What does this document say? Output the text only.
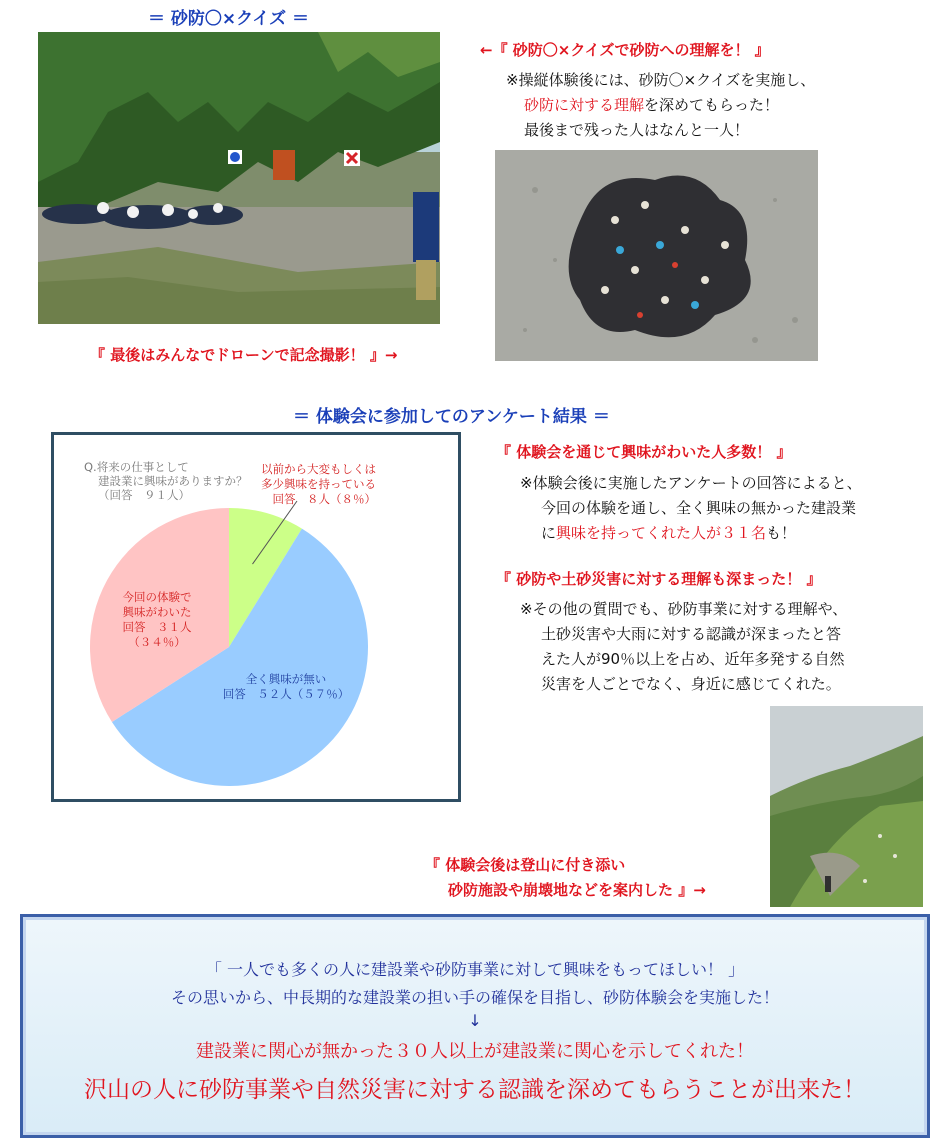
＝ 砂防〇×クイズ ＝
←『 砂防〇×クイズで砂防への理解を！ 』
※操縦体験後には、砂防〇×クイズを実施し、
砂防に対する理解を深めてもらった！
最後まで残った人はなんと一人！
『 最後はみんなでドローンで記念撮影！ 』→
＝ 体験会に参加してのアンケート結果 ＝
以前から大変もしくは
多少興味を持っている
回答　８人（８％）
全く興味が無い
回答　５２人（５７％）
今回の体験で
興味がわいた
回答　３１人
（３４％）
Q.将来の仕事として
建設業に興味がありますか？
（回答　９１人）
『 体験会を通じて興味がわいた人多数！ 』
※体験会後に実施したアンケートの回答によると、
今回の体験を通し、全く興味の無かった建設業
に興味を持ってくれた人が３１名も！
『 砂防や土砂災害に対する理解も深まった！ 』
※その他の質問でも、砂防事業に対する理解や、
土砂災害や大雨に対する認識が深まったと答
えた人が90％以上を占め、近年多発する自然
災害を人ごとでなく、身近に感じてくれた。
『 体験会後は登山に付き添い
砂防施設や崩壊地などを案内した 』→
「 一人でも多くの人に建設業や砂防事業に対して興味をもってほしい！ 」
その思いから、中長期的な建設業の担い手の確保を目指し、砂防体験会を実施した！
↓
建設業に関心が無かった３０人以上が建設業に関心を示してくれた！
沢山の人に砂防事業や自然災害に対する認識を深めてもらうことが出来た！
